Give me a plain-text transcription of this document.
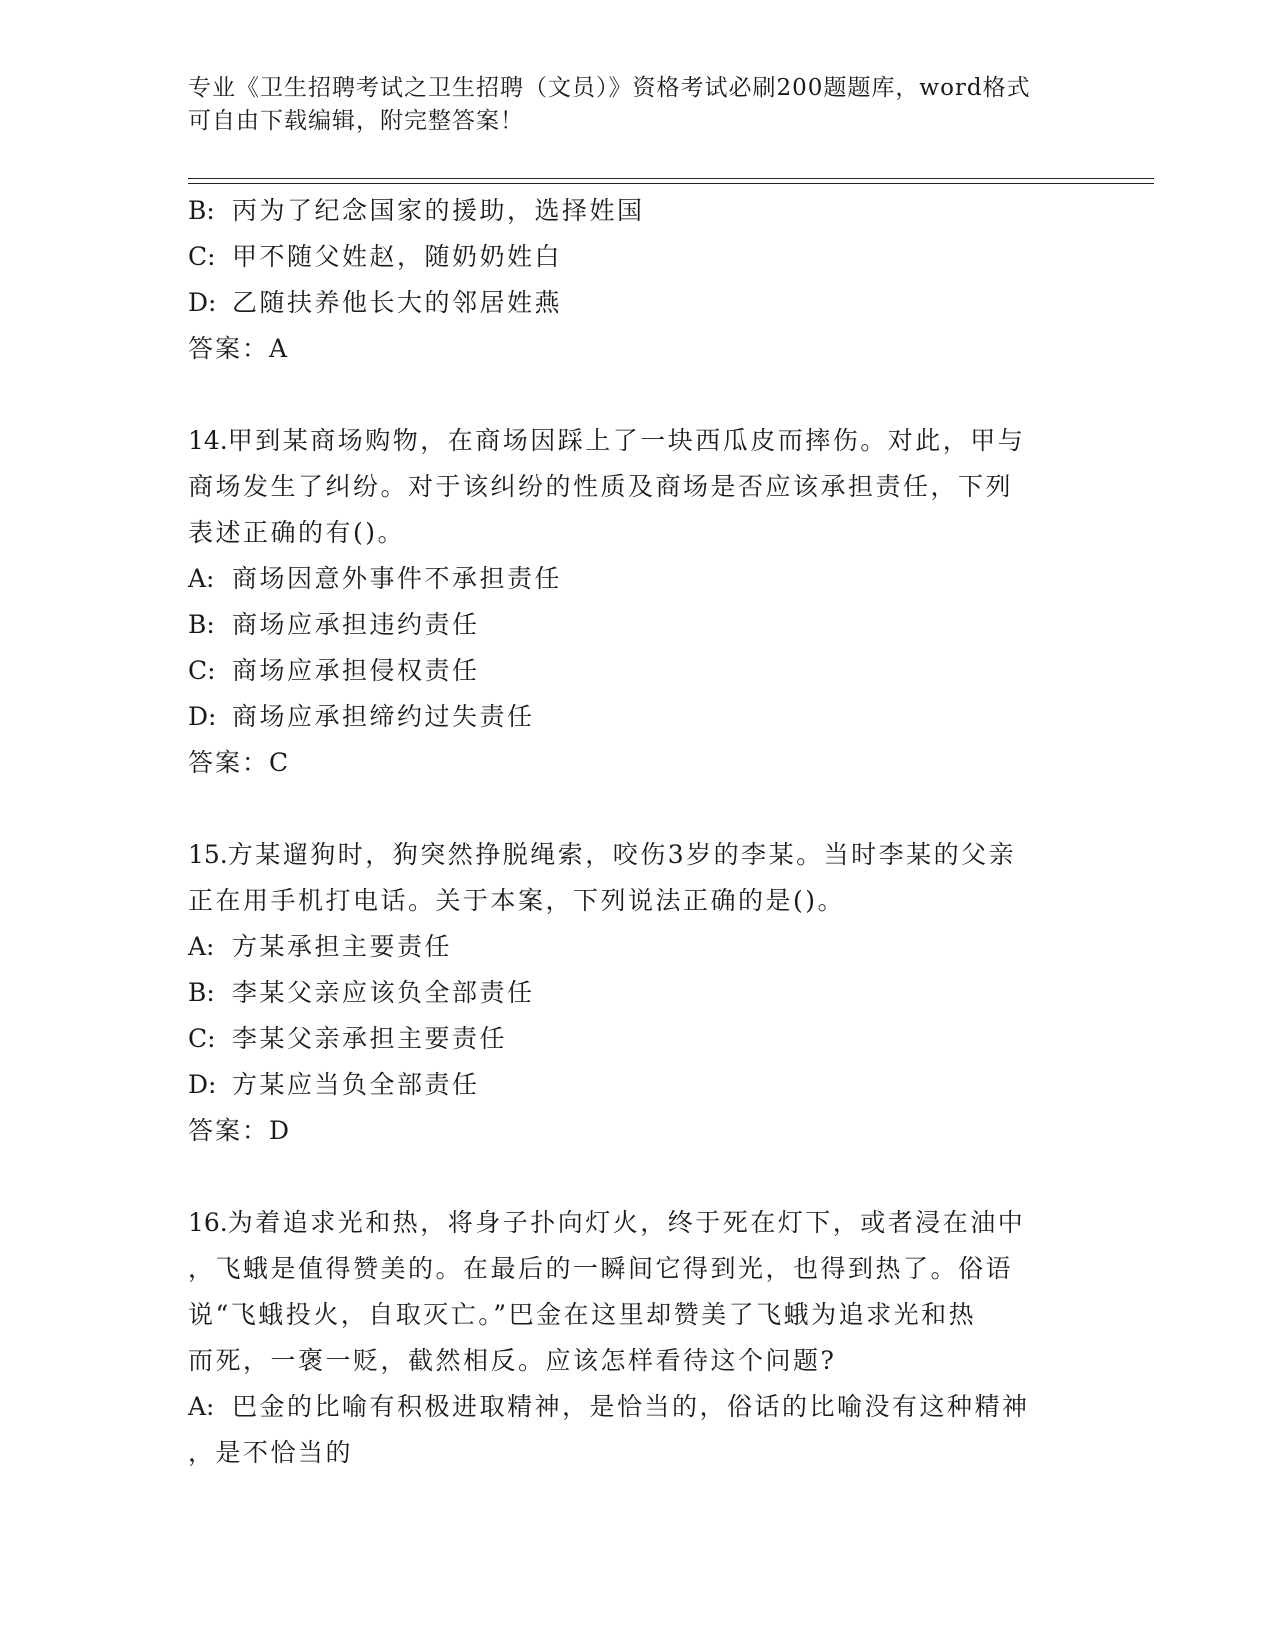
专业《卫生招聘考试之卫生招聘（文员）》资格考试必刷200题题库，word格式
可自由下载编辑，附完整答案！
B: 丙为了纪念国家的援助，选择姓国
C: 甲不随父姓赵，随奶奶姓白
D: 乙随扶养他长大的邻居姓燕
答案：A
14.甲到某商场购物，在商场因踩上了一块西瓜皮而摔伤。对此，甲与
商场发生了纠纷。对于该纠纷的性质及商场是否应该承担责任，下列
表述正确的有()。
A: 商场因意外事件不承担责任
B: 商场应承担违约责任
C: 商场应承担侵权责任
D: 商场应承担缔约过失责任
答案：C
15.方某遛狗时，狗突然挣脱绳索，咬伤3岁的李某。当时李某的父亲
正在用手机打电话。关于本案，下列说法正确的是()。
A: 方某承担主要责任
B: 李某父亲应该负全部责任
C: 李某父亲承担主要责任
D: 方某应当负全部责任
答案：D
16.为着追求光和热，将身子扑向灯火，终于死在灯下，或者浸在油中
，飞蛾是值得赞美的。在最后的一瞬间它得到光，也得到热了。俗语
说“飞蛾投火，自取灭亡。”巴金在这里却赞美了飞蛾为追求光和热
而死，一褒一贬，截然相反。应该怎样看待这个问题?
A: 巴金的比喻有积极进取精神，是恰当的，俗话的比喻没有这种精神
，是不恰当的
